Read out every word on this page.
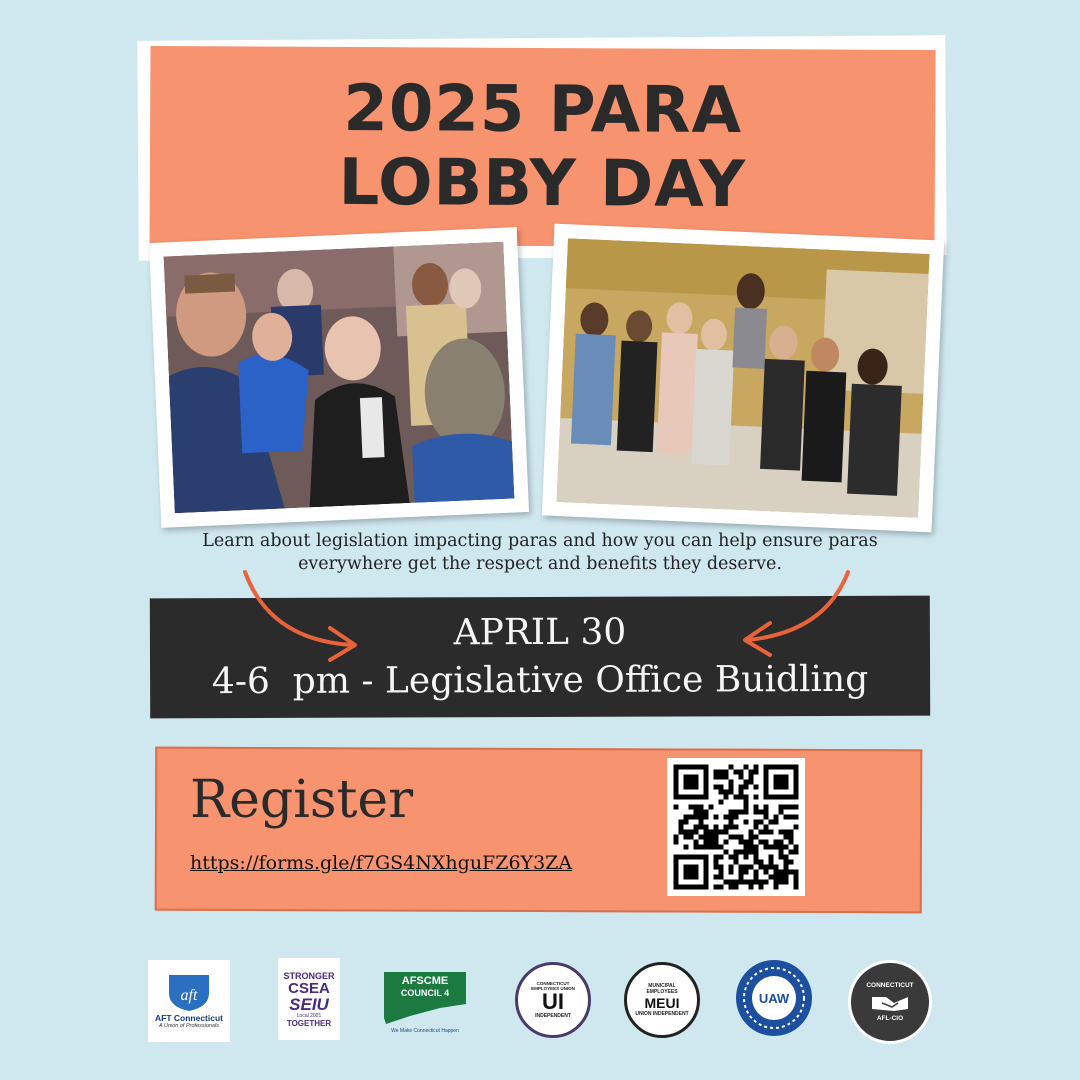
2025 PARA
LOBBY DAY
Learn about legislation impacting paras and how you can help ensure paras everywhere get the respect and benefits they deserve.
APRIL 30
4-6  pm - Legislative Office Buidling
Register
https://forms.gle/f7GS4NXhguFZ6Y3ZA
aft
AFT Connecticut
A Union of Professionals
STRONGER
CSEA
SEIU
Local 2001
TOGETHER
AFSCME
COUNCIL 4
We Make Connecticut Happen
CONNECTICUT EMPLOYEES UNION
UI
INDEPENDENT
MUNICIPAL EMPLOYEES
MEUI
UNION INDEPENDENT
UAW
CONNECTICUT
AFL-CIO
